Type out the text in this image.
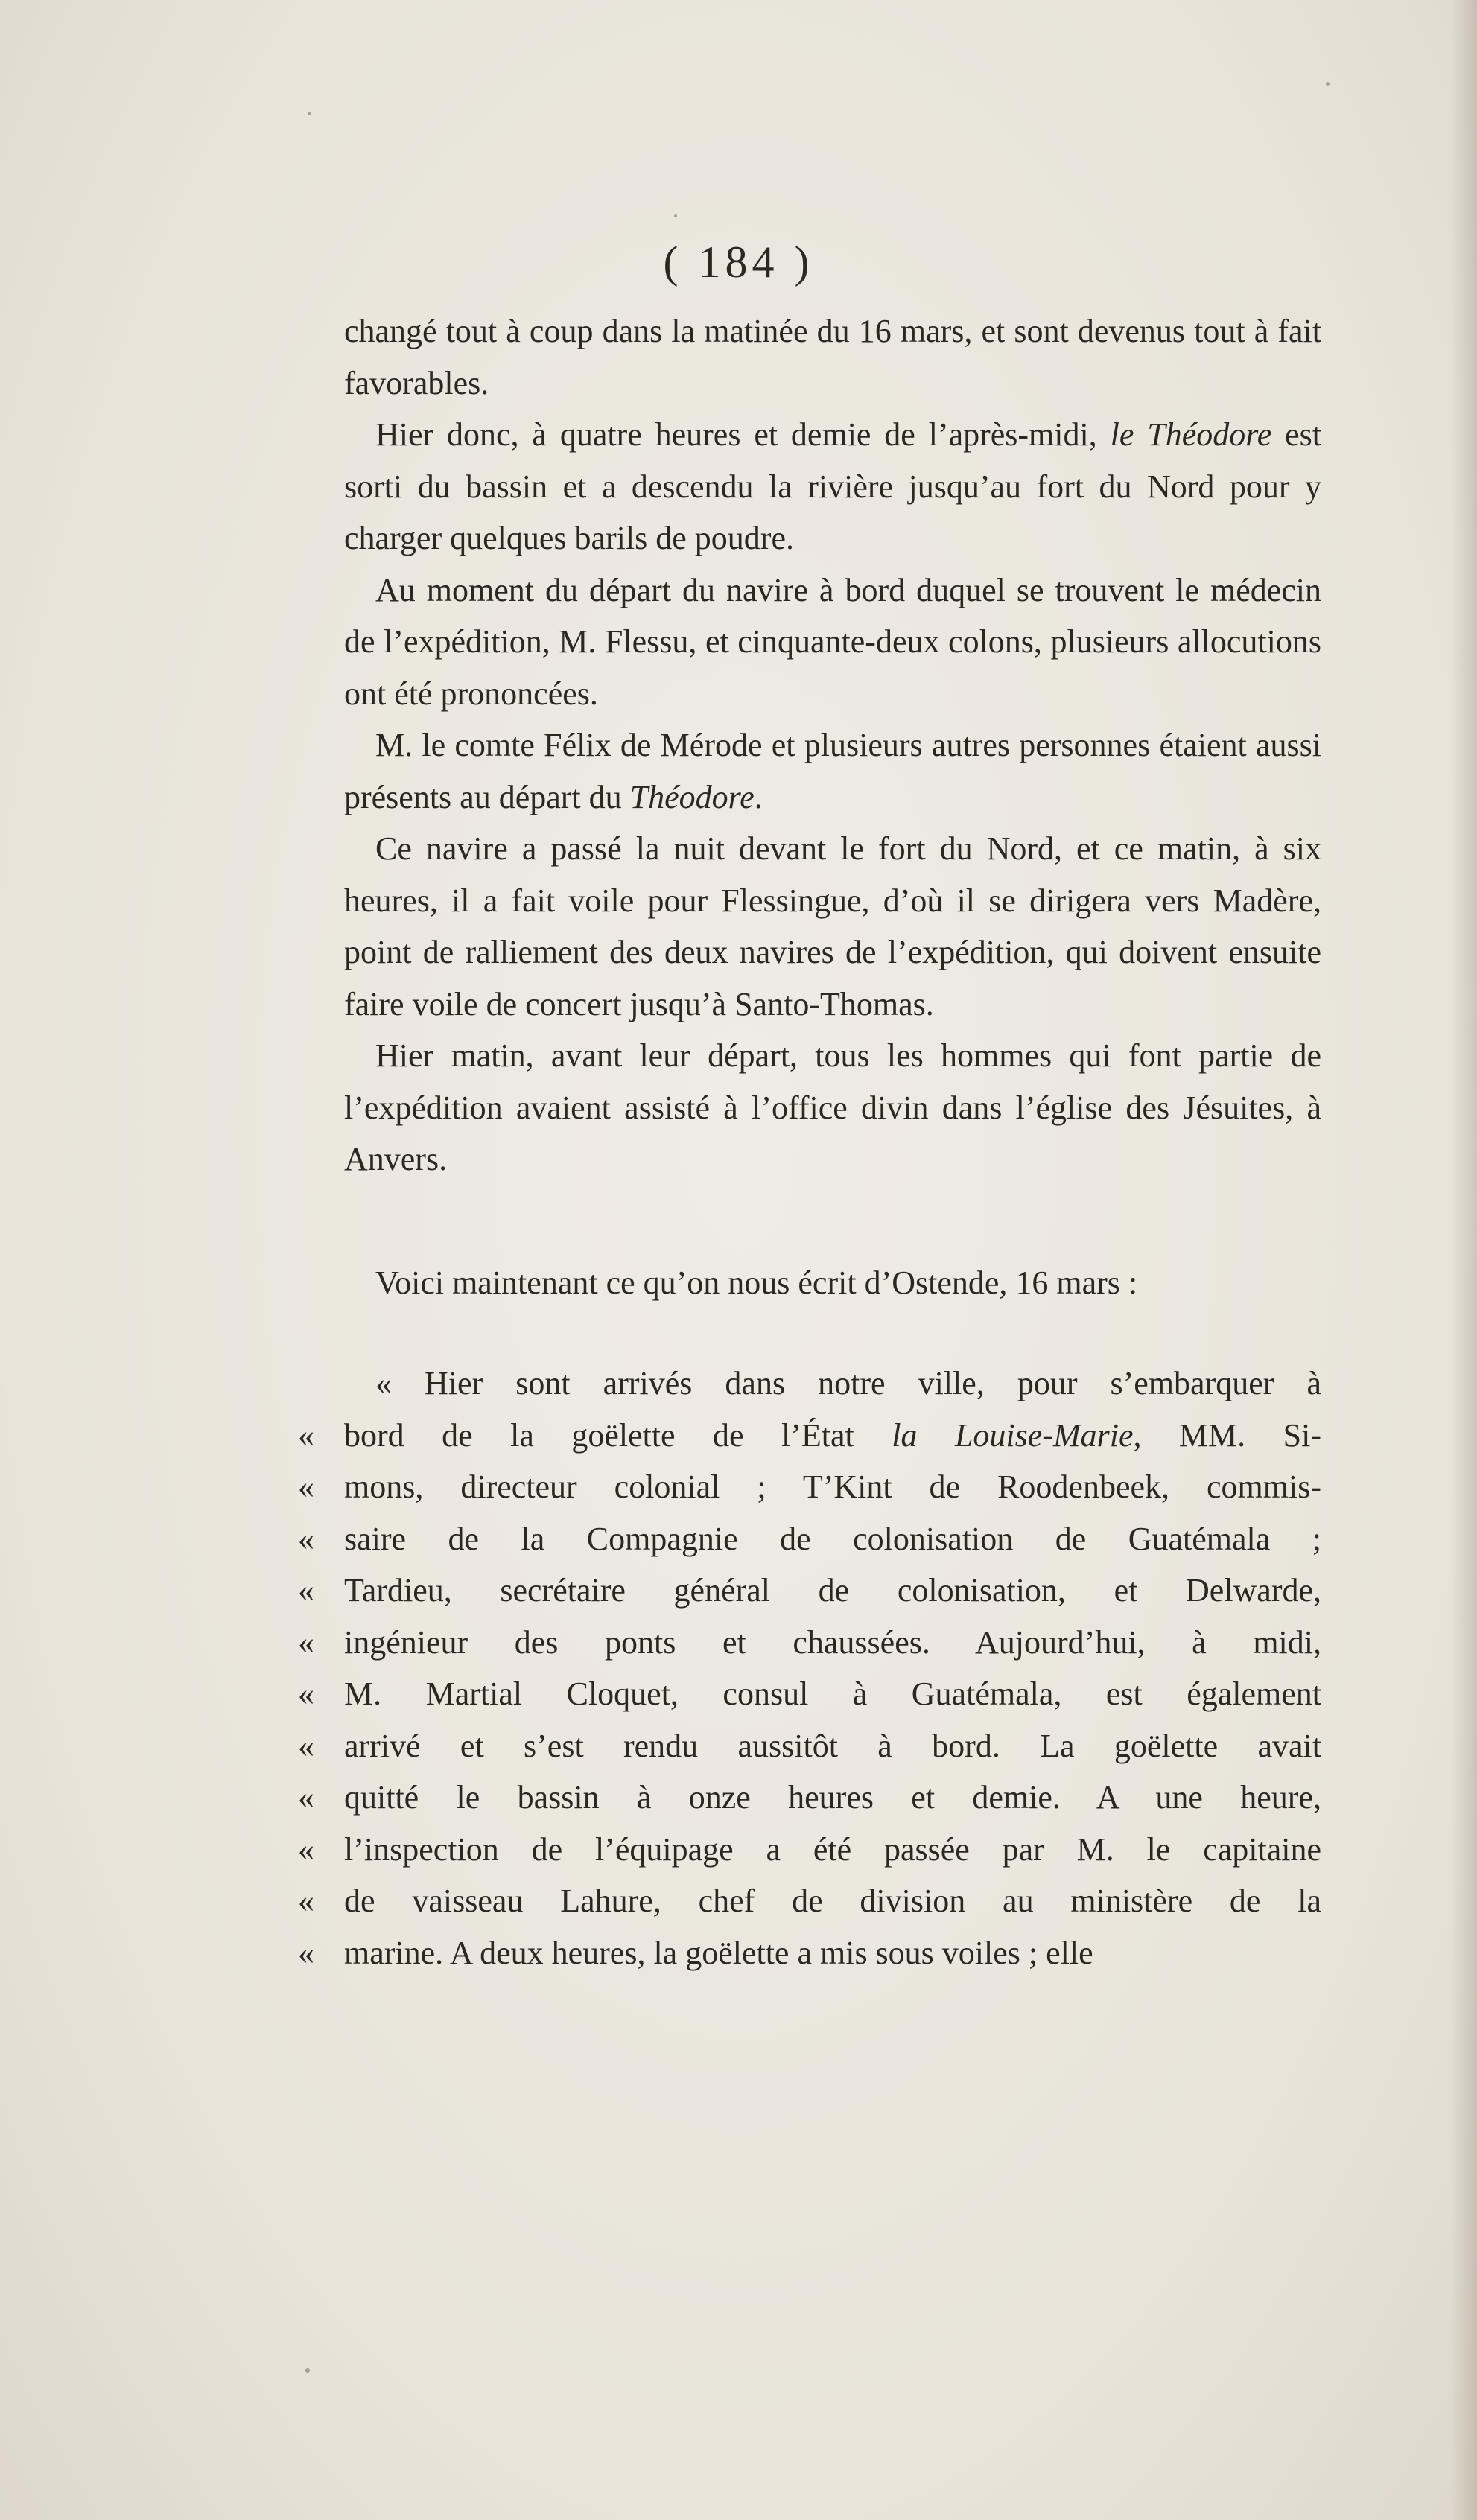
( 184 )

changé tout à coup dans la matinée du 16 mars, et sont devenus tout à fait favorables.

Hier donc, à quatre heures et demie de l’après-midi, le Théodore est sorti du bassin et a descendu la rivière jusqu’au fort du Nord pour y charger quelques barils de poudre.

Au moment du départ du navire à bord duquel se trouvent le médecin de l’expédition, M. Flessu, et cinquante-deux colons, plusieurs allocutions ont été prononcées.

M. le comte Félix de Mérode et plusieurs autres personnes étaient aussi présents au départ du Théodore.

Ce navire a passé la nuit devant le fort du Nord, et ce matin, à six heures, il a fait voile pour Flessingue, d’où il se dirigera vers Madère, point de ralliement des deux navires de l’expédition, qui doivent ensuite faire voile de concert jusqu’à Santo-Thomas.

Hier matin, avant leur départ, tous les hommes qui font partie de l’expédition avaient assisté à l’office divin dans l’église des Jésuites, à Anvers.

Voici maintenant ce qu’on nous écrit d’Ostende, 16 mars :

« Hier sont arrivés dans notre ville, pour s’embarquer à
« bord de la goëlette de l’État la Louise-Marie, MM. Si-
« mons, directeur colonial ; T’Kint de Roodenbeek, commis-
« saire de la Compagnie de colonisation de Guatémala ;
« Tardieu, secrétaire général de colonisation, et Delwarde,
« ingénieur des ponts et chaussées. Aujourd’hui, à midi,
« M. Martial Cloquet, consul à Guatémala, est également
« arrivé et s’est rendu aussitôt à bord. La goëlette avait
« quitté le bassin à onze heures et demie. A une heure,
« l’inspection de l’équipage a été passée par M. le capitaine
« de vaisseau Lahure, chef de division au ministère de la
« marine. A deux heures, la goëlette a mis sous voiles ; elle
